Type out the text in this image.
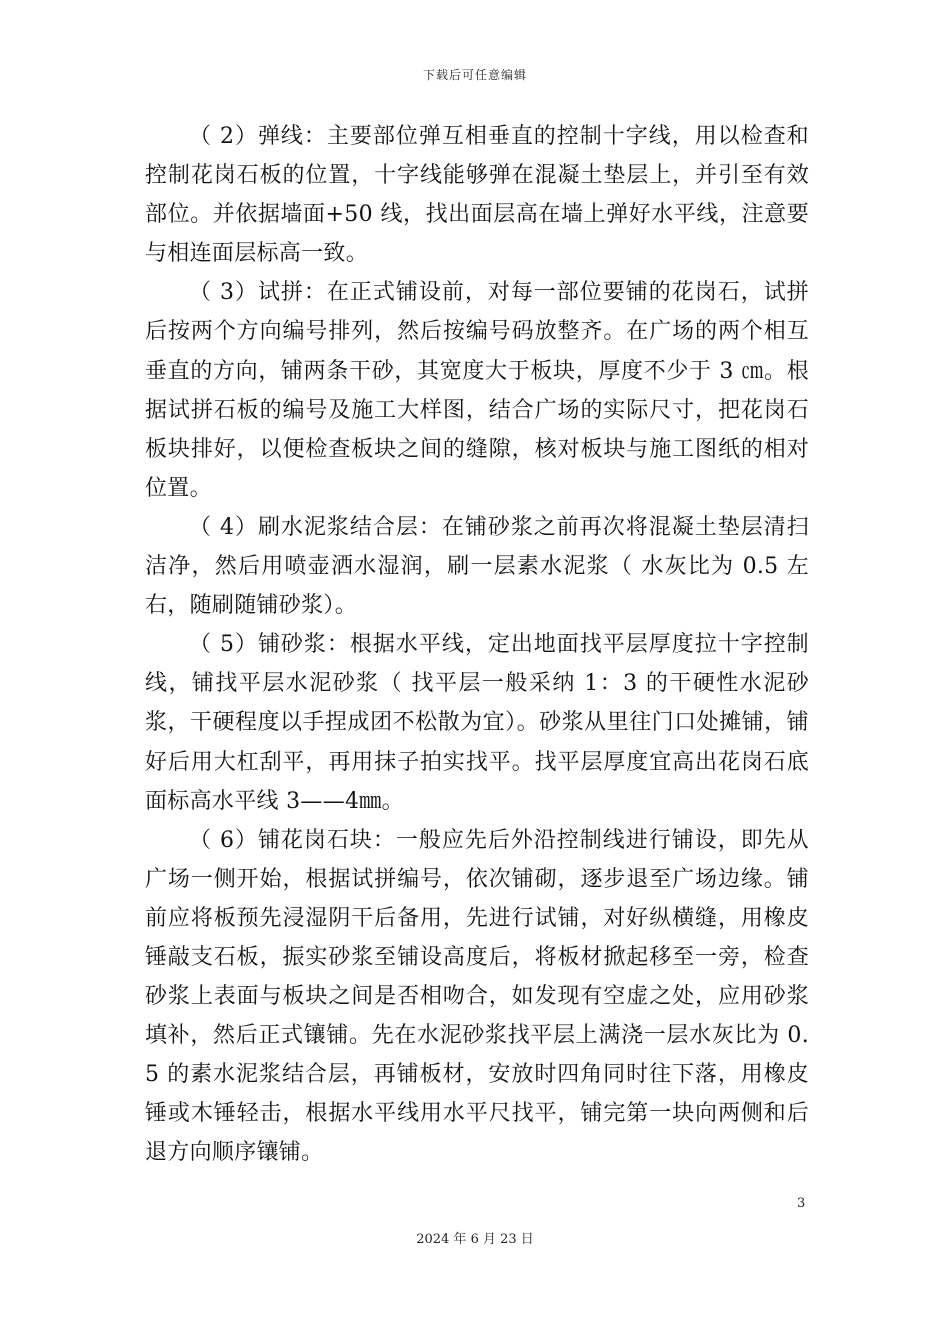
下载后可任意编辑

（ 2）弹线：主要部位弹互相垂直的控制十字线，用以检查和控制花岗石板的位置，十字线能够弹在混凝土垫层上，并引至有效部位。并依据墙面+50 线，找出面层高在墙上弹好水平线，注意要与相连面层标高一致。

（ 3）试拼：在正式铺设前，对每一部位要铺的花岗石，试拼后按两个方向编号排列，然后按编号码放整齐。在广场的两个相互垂直的方向，铺两条干砂，其宽度大于板块，厚度不少于 3 ㎝。根据试拼石板的编号及施工大样图，结合广场的实际尺寸，把花岗石板块排好，以便检查板块之间的缝隙，核对板块与施工图纸的相对位置。

（ 4）刷水泥浆结合层：在铺砂浆之前再次将混凝土垫层清扫洁净，然后用喷壶洒水湿润，刷一层素水泥浆（ 水灰比为 0.5 左右，随刷随铺砂浆）。

（ 5）铺砂浆：根据水平线，定出地面找平层厚度拉十字控制线，铺找平层水泥砂浆（ 找平层一般采纳 1：3 的干硬性水泥砂浆，干硬程度以手捏成团不松散为宜）。砂浆从里往门口处摊铺，铺好后用大杠刮平，再用抹子拍实找平。找平层厚度宜高出花岗石底面标高水平线 3——4㎜。

（ 6）铺花岗石块：一般应先后外沿控制线进行铺设，即先从广场一侧开始，根据试拼编号，依次铺砌，逐步退至广场边缘。铺前应将板预先浸湿阴干后备用，先进行试铺，对好纵横缝，用橡皮锤敲支石板，振实砂浆至铺设高度后，将板材掀起移至一旁，检查砂浆上表面与板块之间是否相吻合，如发现有空虚之处，应用砂浆填补，然后正式镶铺。先在水泥砂浆找平层上满浇一层水灰比为 0.5 的素水泥浆结合层，再铺板材，安放时四角同时往下落，用橡皮锤或木锤轻击，根据水平线用水平尺找平，铺完第一块向两侧和后退方向顺序镶铺。

3
2024 年 6 月 23 日
